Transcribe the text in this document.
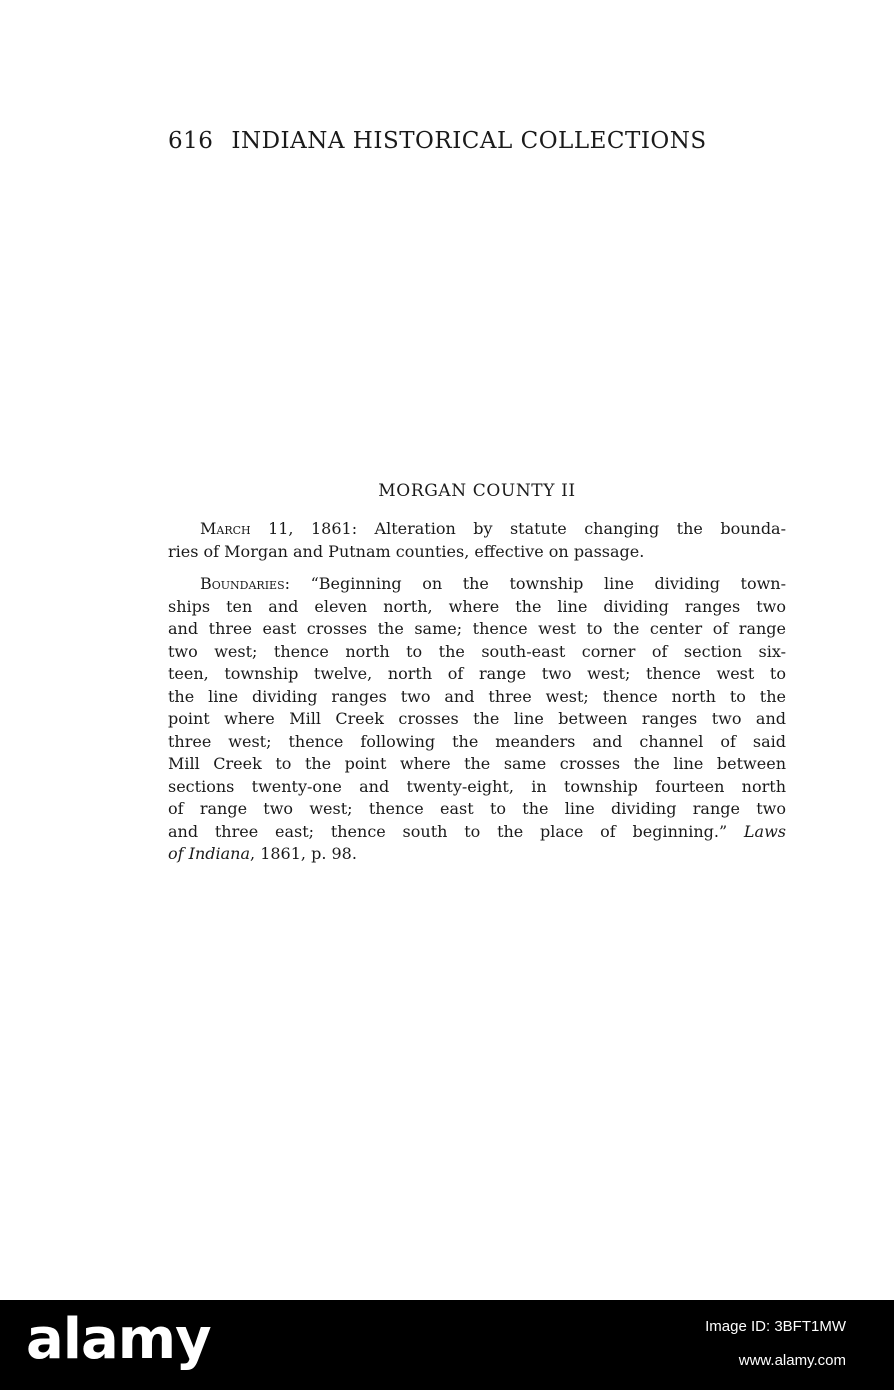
616 INDIANA HISTORICAL COLLECTIONS
MORGAN COUNTY II
March 11, 1861: Alteration by statute changing the bounda-
ries of Morgan and Putnam counties, effective on passage.
Boundaries: “Beginning on the township line dividing town-
ships ten and eleven north, where the line dividing ranges two
and three east crosses the same; thence west to the center of range
two west; thence north to the south-east corner of section six-
teen, township twelve, north of range two west; thence west to
the line dividing ranges two and three west; thence north to the
point where Mill Creek crosses the line between ranges two and
three west; thence following the meanders and channel of said
Mill Creek to the point where the same crosses the line between
sections twenty-one and twenty-eight, in township fourteen north
of range two west; thence east to the line dividing range two
and three east; thence south to the place of beginning.” Laws
of Indiana, 1861, p. 98.
alamy	Image ID: 3BFT1MW
www.alamy.com
